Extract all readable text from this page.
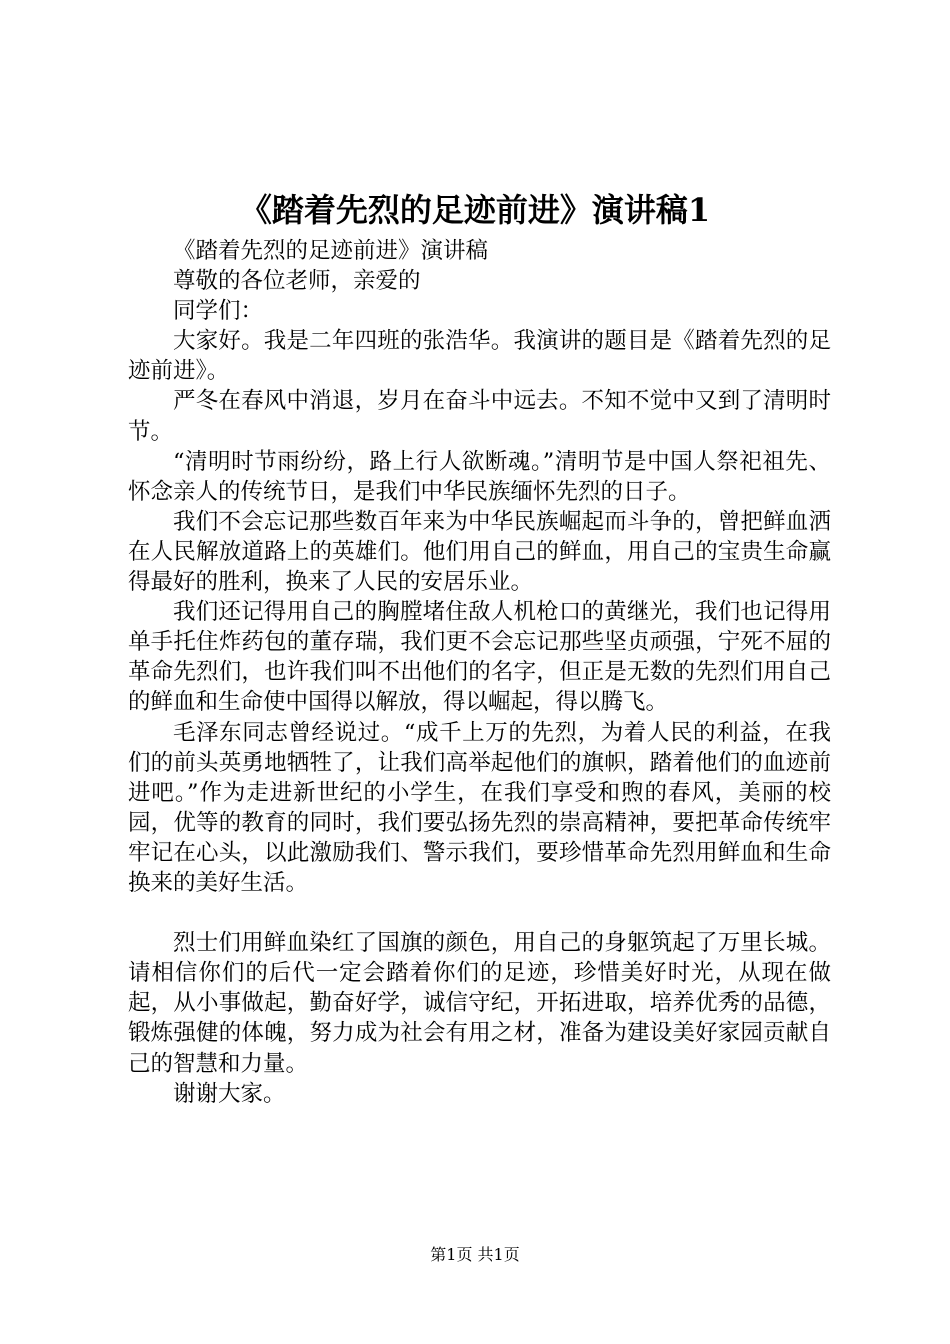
《踏着先烈的足迹前进》演讲稿1

《踏着先烈的足迹前进》演讲稿

尊敬的各位老师，亲爱的

同学们：

大家好。我是二年四班的张浩华。我演讲的题目是《踏着先烈的足迹前进》。

严冬在春风中消退，岁月在奋斗中远去。不知不觉中又到了清明时节。

“清明时节雨纷纷，路上行人欲断魂。”清明节是中国人祭祀祖先、怀念亲人的传统节日，是我们中华民族缅怀先烈的日子。

我们不会忘记那些数百年来为中华民族崛起而斗争的，曾把鲜血洒在人民解放道路上的英雄们。他们用自己的鲜血，用自己的宝贵生命赢得最好的胜利，换来了人民的安居乐业。

我们还记得用自己的胸膛堵住敌人机枪口的黄继光，我们也记得用单手托住炸药包的董存瑞，我们更不会忘记那些坚贞顽强，宁死不屈的革命先烈们，也许我们叫不出他们的名字，但正是无数的先烈们用自己的鲜血和生命使中国得以解放，得以崛起，得以腾飞。

毛泽东同志曾经说过。“成千上万的先烈，为着人民的利益，在我们的前头英勇地牺牲了，让我们高举起他们的旗帜，踏着他们的血迹前进吧。”作为走进新世纪的小学生，在我们享受和煦的春风，美丽的校园，优等的教育的同时，我们要弘扬先烈的崇高精神，要把革命传统牢牢记在心头，以此激励我们、警示我们，要珍惜革命先烈用鲜血和生命换来的美好生活。

烈士们用鲜血染红了国旗的颜色，用自己的身躯筑起了万里长城。请相信你们的后代一定会踏着你们的足迹，珍惜美好时光，从现在做起，从小事做起，勤奋好学，诚信守纪，开拓进取，培养优秀的品德，锻炼强健的体魄，努力成为社会有用之材，准备为建设美好家园贡献自己的智慧和力量。

谢谢大家。

第1页 共1页
